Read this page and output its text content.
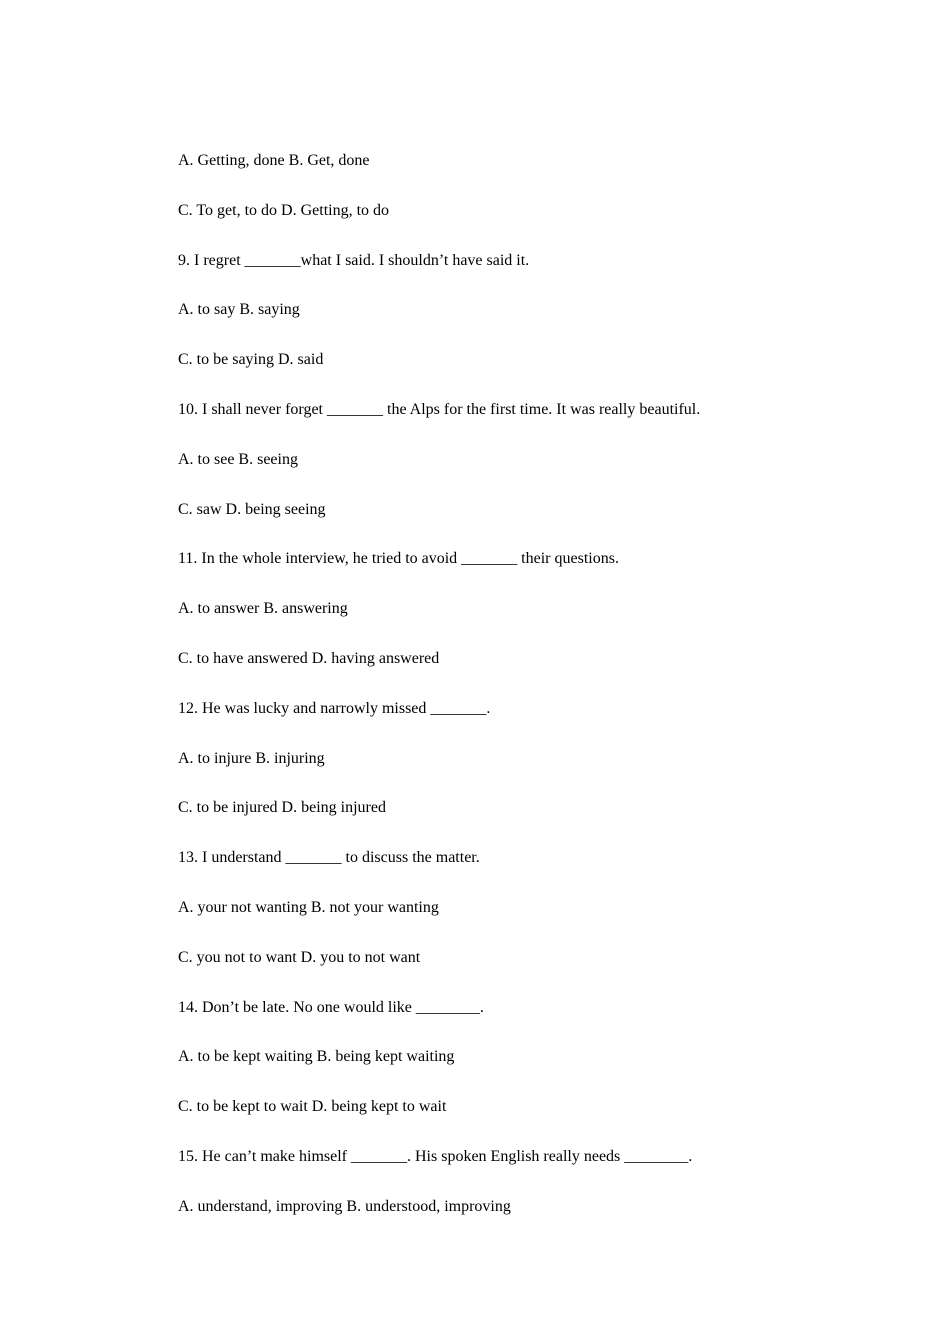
A. Getting, done B. Get, done
C. To get, to do D. Getting, to do
9. I regret _______what I said. I shouldn’t have said it.
A. to say B. saying
C. to be saying D. said
10. I shall never forget _______ the Alps for the first time. It was really beautiful.
A. to see B. seeing
C. saw D. being seeing
11. In the whole interview, he tried to avoid _______ their questions.
A. to answer B. answering
C. to have answered D. having answered
12. He was lucky and narrowly missed _______.
A. to injure B. injuring
C. to be injured D. being injured
13. I understand _______ to discuss the matter.
A. your not wanting B. not your wanting
C. you not to want D. you to not want
14. Don’t be late. No one would like ________.
A. to be kept waiting B. being kept waiting
C. to be kept to wait D. being kept to wait
15. He can’t make himself _______. His spoken English really needs ________.
A. understand, improving B. understood, improving
